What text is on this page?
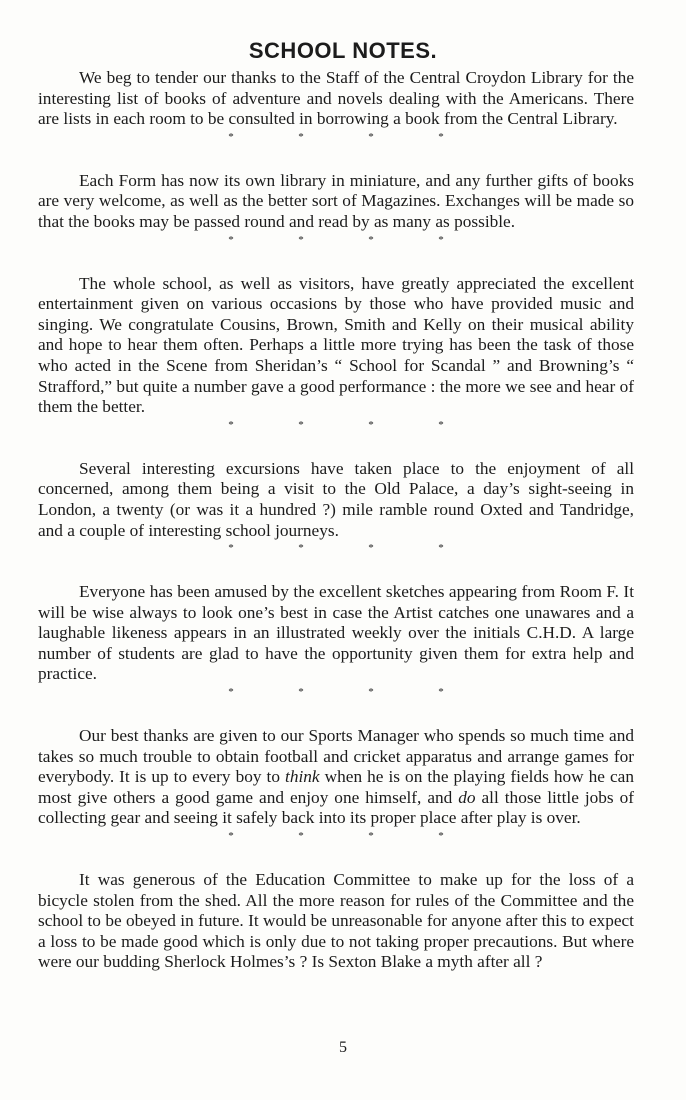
SCHOOL NOTES.

We beg to tender our thanks to the Staff of the Central Croydon Library for the interesting list of books of adventure and novels dealing with the Americans. There are lists in each room to be consulted in borrowing a book from the Central Library.

*	*	*	*

Each Form has now its own library in miniature, and any further gifts of books are very welcome, as well as the better sort of Magazines. Exchanges will be made so that the books may be passed round and read by as many as possible.

*	*	*	*

The whole school, as well as visitors, have greatly appreciated the excellent entertainment given on various occasions by those who have provided music and singing. We congratulate Cousins, Brown, Smith and Kelly on their musical ability and hope to hear them often. Perhaps a little more trying has been the task of those who acted in the Scene from Sheridan’s “ School for Scandal ” and Browning’s “ Strafford,” but quite a number gave a good performance : the more we see and hear of them the better.

*	*	*	*

Several interesting excursions have taken place to the enjoyment of all concerned, among them being a visit to the Old Palace, a day’s sight-seeing in London, a twenty (or was it a hundred ?) mile ramble round Oxted and Tandridge, and a couple of interesting school journeys.

*	*	*	*

Everyone has been amused by the excellent sketches appearing from Room F. It will be wise always to look one’s best in case the Artist catches one unawares and a laughable likeness appears in an illustrated weekly over the initials C.H.D. A large number of students are glad to have the opportunity given them for extra help and practice.

*	*	*	*

Our best thanks are given to our Sports Manager who spends so much time and takes so much trouble to obtain football and cricket apparatus and arrange games for everybody. It is up to every boy to think when he is on the playing fields how he can most give others a good game and enjoy one himself, and do all those little jobs of collecting gear and seeing it safely back into its proper place after play is over.

*	*	*	*

It was generous of the Education Committee to make up for the loss of a bicycle stolen from the shed. All the more reason for rules of the Committee and the school to be obeyed in future. It would be unreasonable for anyone after this to expect a loss to be made good which is only due to not taking proper precautions. But where were our budding Sherlock Holmes’s ? Is Sexton Blake a myth after all ?

5
